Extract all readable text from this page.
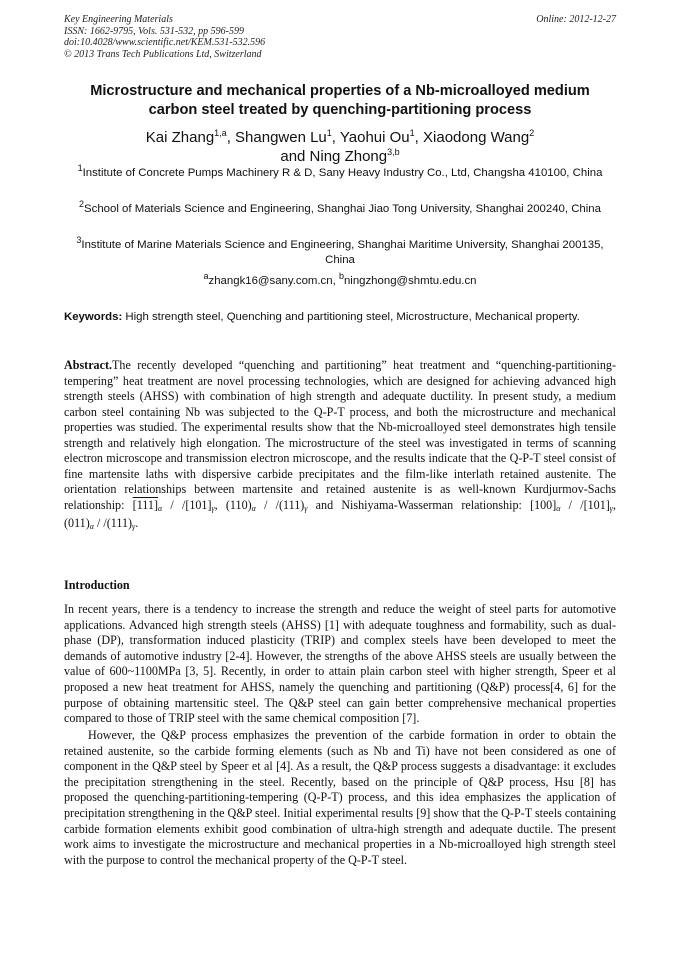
Key Engineering Materials
ISSN: 1662-9795, Vols. 531-532, pp 596-599
doi:10.4028/www.scientific.net/KEM.531-532.596
© 2013 Trans Tech Publications Ltd, Switzerland
Online: 2012-12-27
Microstructure and mechanical properties of a Nb-microalloyed medium carbon steel treated by quenching-partitioning process
Kai Zhang$^{1,a}$, Shangwen Lu$^1$, Yaohui Ou$^1$, Xiaodong Wang$^2$
and Ning Zhong$^{3,b}$
$^1$Institute of Concrete Pumps Machinery R & D, Sany Heavy Industry Co., Ltd, Changsha 410100, China
$^2$School of Materials Science and Engineering, Shanghai Jiao Tong University, Shanghai 200240, China
$^3$Institute of Marine Materials Science and Engineering, Shanghai Maritime University, Shanghai 200135, China
$^a$zhangk16@sany.com.cn, $^b$ningzhong@shmtu.edu.cn
Keywords: High strength steel, Quenching and partitioning steel, Microstructure, Mechanical property.
Abstract.The recently developed “quenching and partitioning” heat treatment and “quenching-partitioning-tempering” heat treatment are novel processing technologies, which are designed for achieving advanced high strength steels (AHSS) with combination of high strength and adequate ductility. In present study, a medium carbon steel containing Nb was subjected to the Q-P-T process, and both the microstructure and mechanical properties was studied. The experimental results show that the Nb-microalloyed steel demonstrates high tensile strength and relatively high elongation. The microstructure of the steel was investigated in terms of scanning electron microscope and transmission electron microscope, and the results indicate that the Q-P-T steel consist of fine martensite laths with dispersive carbide precipitates and the film-like interlath retained austenite. The orientation relationships between martensite and retained austenite is as well-known Kurdjurmov-Sachs relationship: $[111]_\alpha / /[101]_\gamma$, $(110)_\alpha / /(111)_\gamma$ and Nishiyama-Wasserman relationship: $[100]_\alpha / /[101]_\gamma$, $(011)_\alpha / /(111)_\gamma$.
Introduction
In recent years, there is a tendency to increase the strength and reduce the weight of steel parts for automotive applications. Advanced high strength steels (AHSS) [1] with adequate toughness and formability, such as dual-phase (DP), transformation induced plasticity (TRIP) and complex steels have been developed to meet the demands of automotive industry [2-4]. However, the strengths of the above AHSS steels are usually between the value of 600~1100MPa [3, 5]. Recently, in order to attain plain carbon steel with higher strength, Speer et al proposed a new heat treatment for AHSS, namely the quenching and partitioning (Q&P) process[4, 6] for the purpose of obtaining martensitic steel. The Q&P steel can gain better comprehensive mechanical properties compared to those of TRIP steel with the same chemical composition [7].
However, the Q&P process emphasizes the prevention of the carbide formation in order to obtain the retained austenite, so the carbide forming elements (such as Nb and Ti) have not been considered as one of component in the Q&P steel by Speer et al [4]. As a result, the Q&P process suggests a disadvantage: it excludes the precipitation strengthening in the steel. Recently, based on the principle of Q&P process, Hsu [8] has proposed the quenching-partitioning-tempering (Q-P-T) process, and this idea emphasizes the application of precipitation strengthening in the Q&P steel. Initial experimental results [9] show that the Q-P-T steels containing carbide formation elements exhibit good combination of ultra-high strength and adequate ductile. The present work aims to investigate the microstructure and mechanical properties in a Nb-microalloyed high strength steel with the purpose to control the mechanical property of the Q-P-T steel.
